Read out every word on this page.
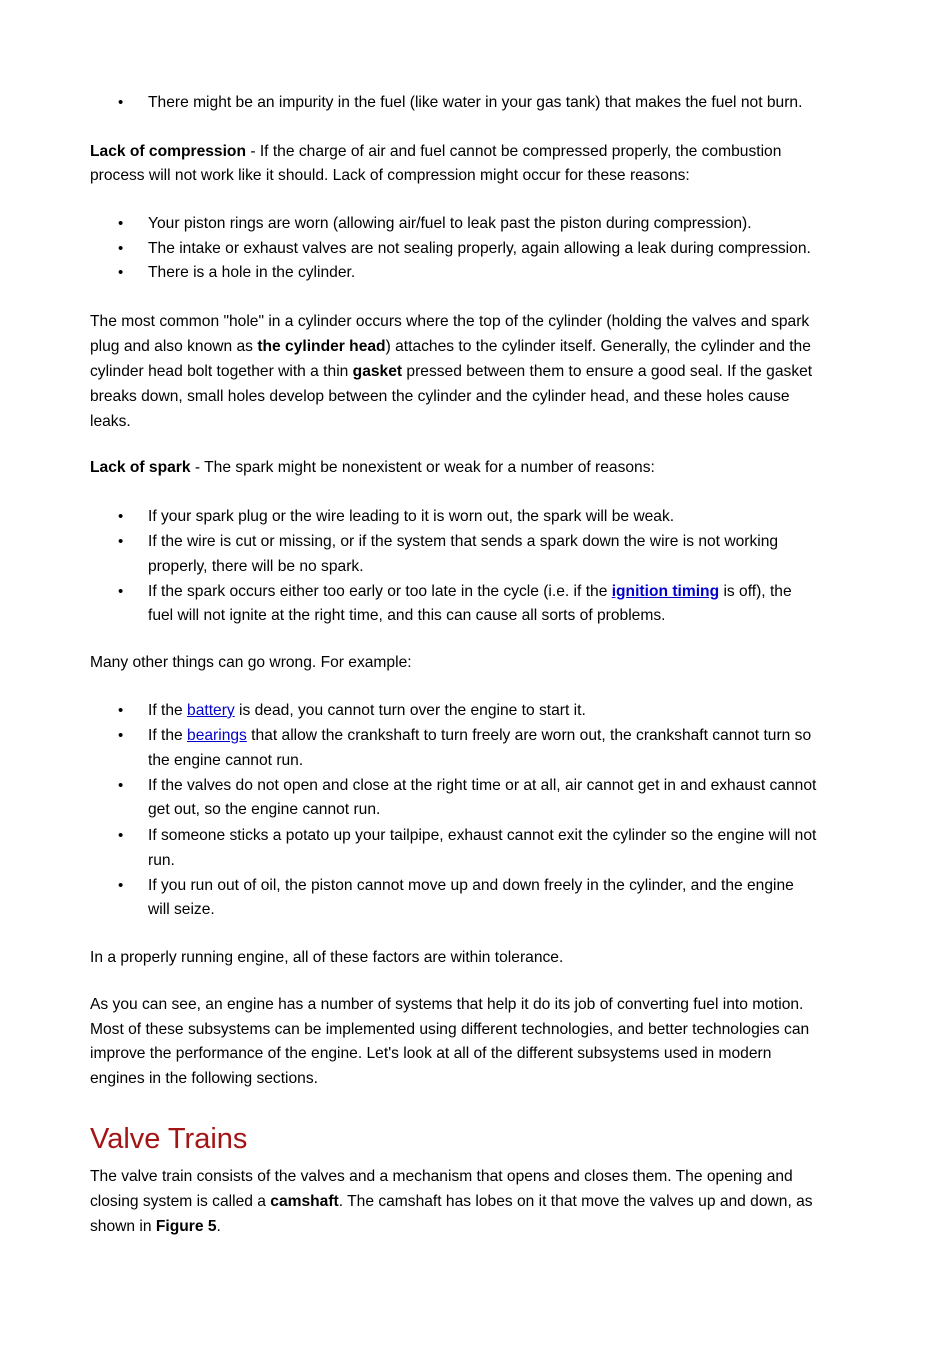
• There might be an impurity in the fuel (like water in your gas tank) that makes the fuel not burn.
Lack of compression - If the charge of air and fuel cannot be compressed properly, the combustion
process will not work like it should. Lack of compression might occur for these reasons:
• Your piston rings are worn (allowing air/fuel to leak past the piston during compression).
• The intake or exhaust valves are not sealing properly, again allowing a leak during compression.
• There is a hole in the cylinder.
The most common "hole" in a cylinder occurs where the top of the cylinder (holding the valves and spark
plug and also known as the cylinder head) attaches to the cylinder itself. Generally, the cylinder and the
cylinder head bolt together with a thin gasket pressed between them to ensure a good seal. If the gasket
breaks down, small holes develop between the cylinder and the cylinder head, and these holes cause
leaks.
Lack of spark - The spark might be nonexistent or weak for a number of reasons:
• If your spark plug or the wire leading to it is worn out, the spark will be weak.
• If the wire is cut or missing, or if the system that sends a spark down the wire is not working
properly, there will be no spark.
• If the spark occurs either too early or too late in the cycle (i.e. if the ignition timing is off), the
fuel will not ignite at the right time, and this can cause all sorts of problems.
Many other things can go wrong. For example:
• If the battery is dead, you cannot turn over the engine to start it.
• If the bearings that allow the crankshaft to turn freely are worn out, the crankshaft cannot turn so
the engine cannot run.
• If the valves do not open and close at the right time or at all, air cannot get in and exhaust cannot
get out, so the engine cannot run.
• If someone sticks a potato up your tailpipe, exhaust cannot exit the cylinder so the engine will not
run.
• If you run out of oil, the piston cannot move up and down freely in the cylinder, and the engine
will seize.
In a properly running engine, all of these factors are within tolerance.
As you can see, an engine has a number of systems that help it do its job of converting fuel into motion.
Most of these subsystems can be implemented using different technologies, and better technologies can
improve the performance of the engine. Let's look at all of the different subsystems used in modern
engines in the following sections.
Valve Trains
The valve train consists of the valves and a mechanism that opens and closes them. The opening and
closing system is called a camshaft. The camshaft has lobes on it that move the valves up and down, as
shown in Figure 5.
